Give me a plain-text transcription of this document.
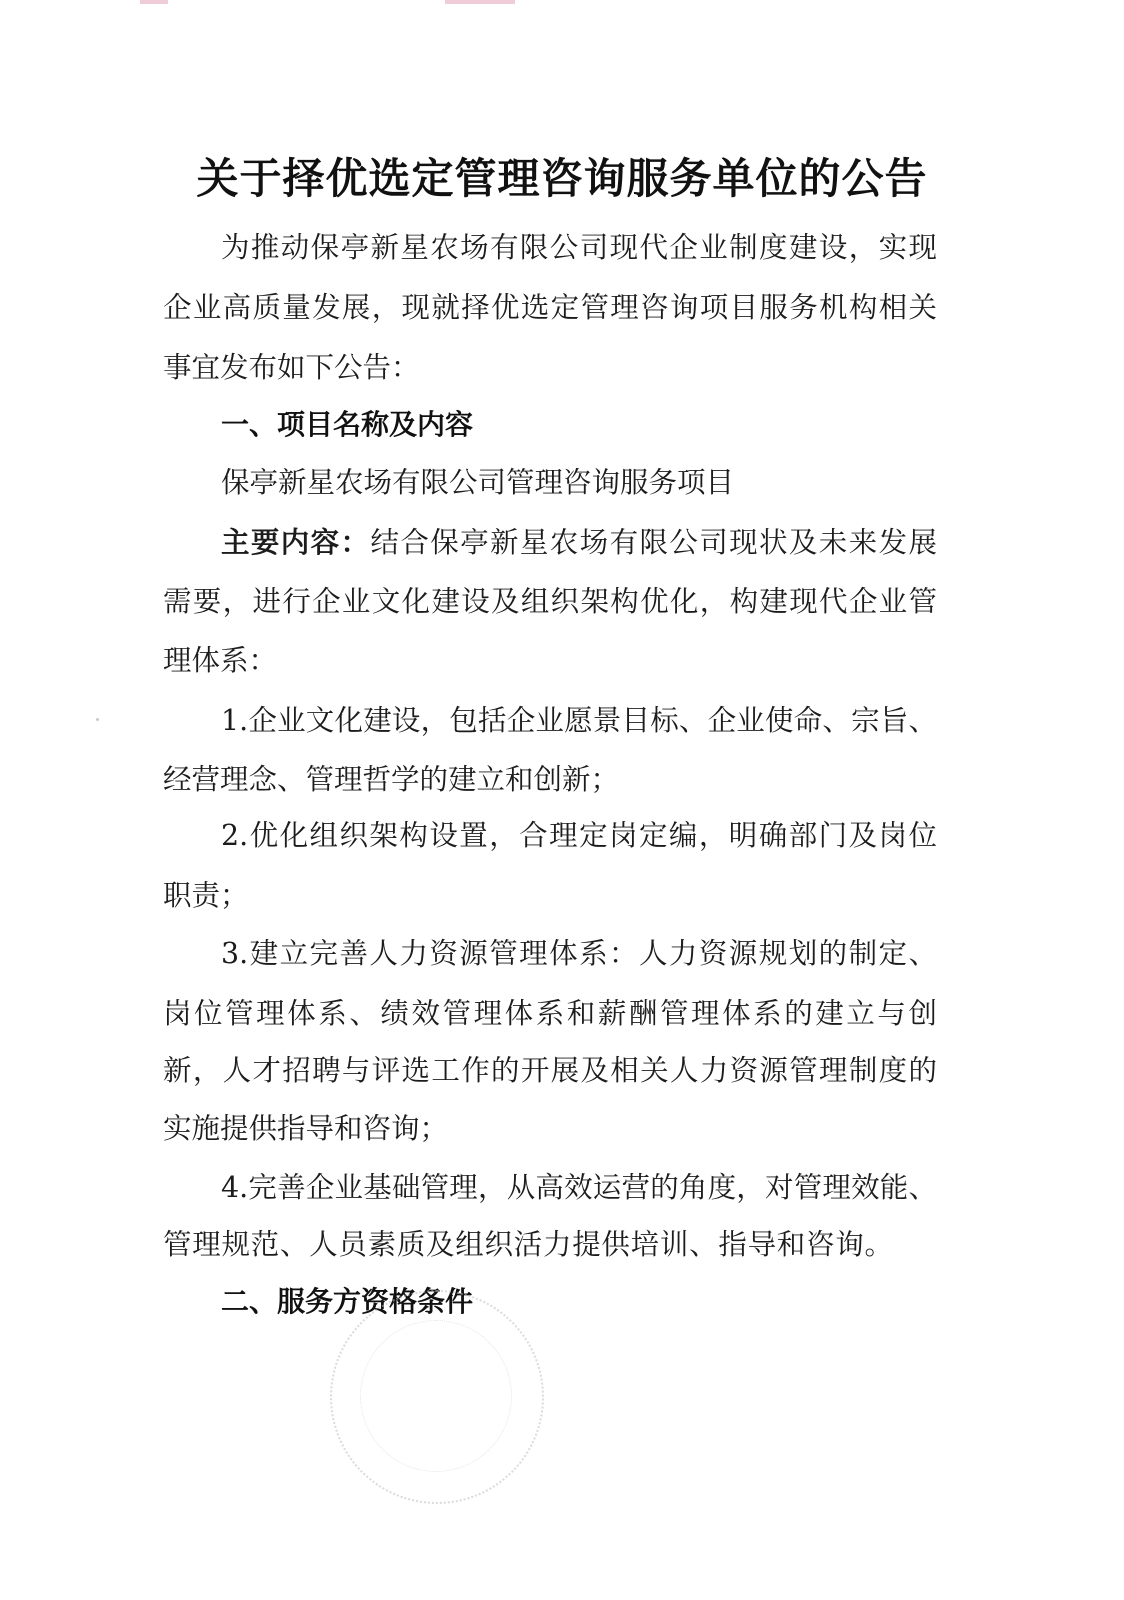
关于择优选定管理咨询服务单位的公告
为推动保亭新星农场有限公司现代企业制度建设，实现
企业高质量发展，现就择优选定管理咨询项目服务机构相关
事宜发布如下公告：
一、项目名称及内容
保亭新星农场有限公司管理咨询服务项目
主要内容：结合保亭新星农场有限公司现状及未来发展
需要，进行企业文化建设及组织架构优化，构建现代企业管
理体系：
1.企业文化建设，包括企业愿景目标、企业使命、宗旨、
经营理念、管理哲学的建立和创新；
2.优化组织架构设置，合理定岗定编，明确部门及岗位
职责；
3.建立完善人力资源管理体系：人力资源规划的制定、
岗位管理体系、绩效管理体系和薪酬管理体系的建立与创
新，人才招聘与评选工作的开展及相关人力资源管理制度的
实施提供指导和咨询；
4.完善企业基础管理，从高效运营的角度，对管理效能、
管理规范、人员素质及组织活力提供培训、指导和咨询。
二、服务方资格条件
